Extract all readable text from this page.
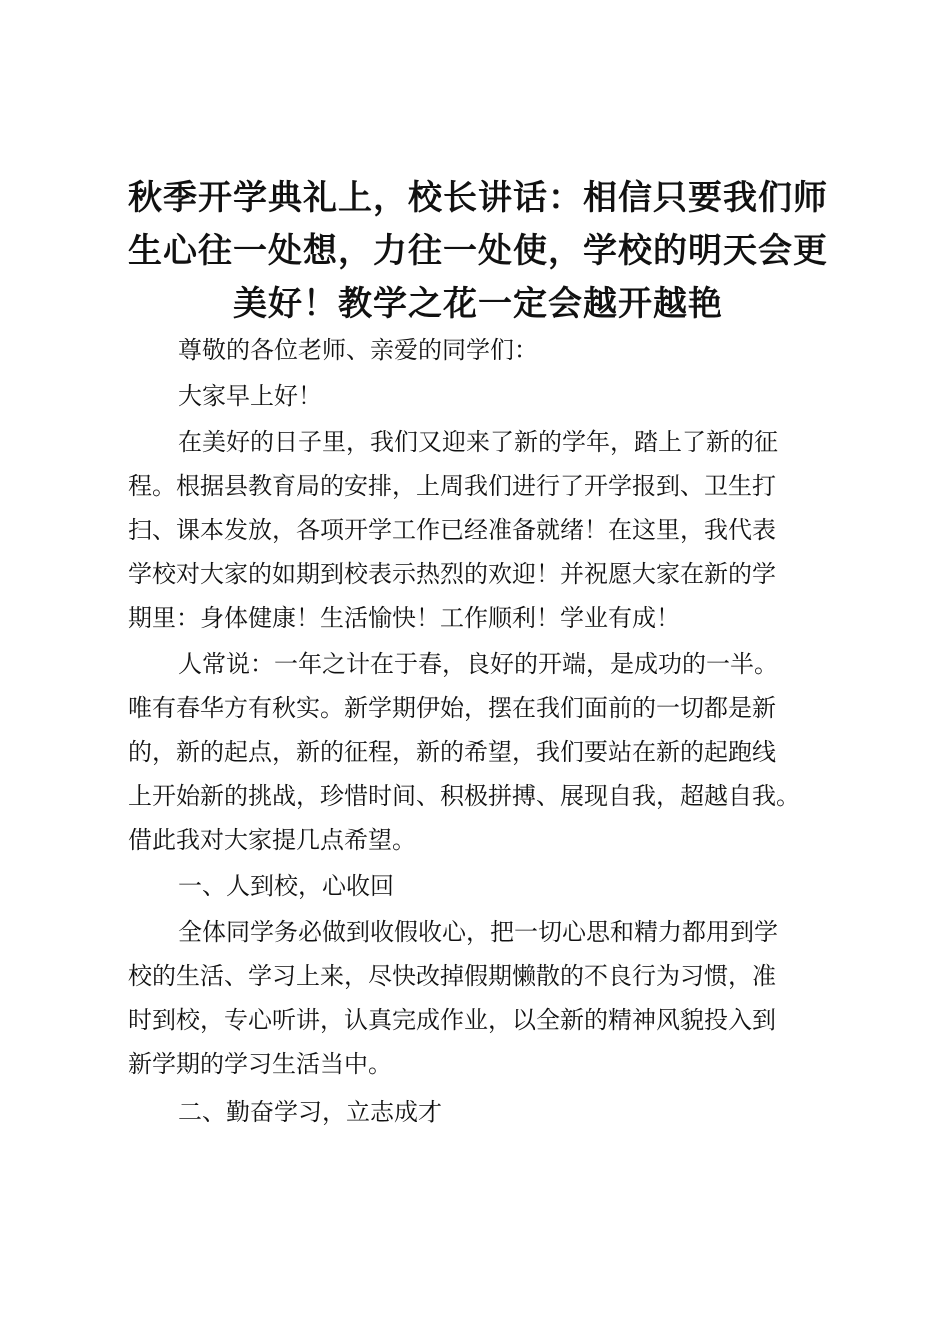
秋季开学典礼上，校长讲话：相信只要我们师
生心往一处想，力往一处使，学校的明天会更
美好！教学之花一定会越开越艳

尊敬的各位老师、亲爱的同学们：

大家早上好！

在美好的日子里，我们又迎来了新的学年，踏上了新的征
程。根据县教育局的安排，上周我们进行了开学报到、卫生打
扫、课本发放，各项开学工作已经准备就绪！在这里，我代表
学校对大家的如期到校表示热烈的欢迎！并祝愿大家在新的学
期里：身体健康！生活愉快！工作顺利！学业有成！

人常说：一年之计在于春，良好的开端，是成功的一半。
唯有春华方有秋实。新学期伊始，摆在我们面前的一切都是新
的，新的起点，新的征程，新的希望，我们要站在新的起跑线
上开始新的挑战，珍惜时间、积极拼搏、展现自我，超越自我。
借此我对大家提几点希望。

一、人到校，心收回

全体同学务必做到收假收心，把一切心思和精力都用到学
校的生活、学习上来，尽快改掉假期懒散的不良行为习惯，准
时到校，专心听讲，认真完成作业，以全新的精神风貌投入到
新学期的学习生活当中。

二、勤奋学习，立志成才
